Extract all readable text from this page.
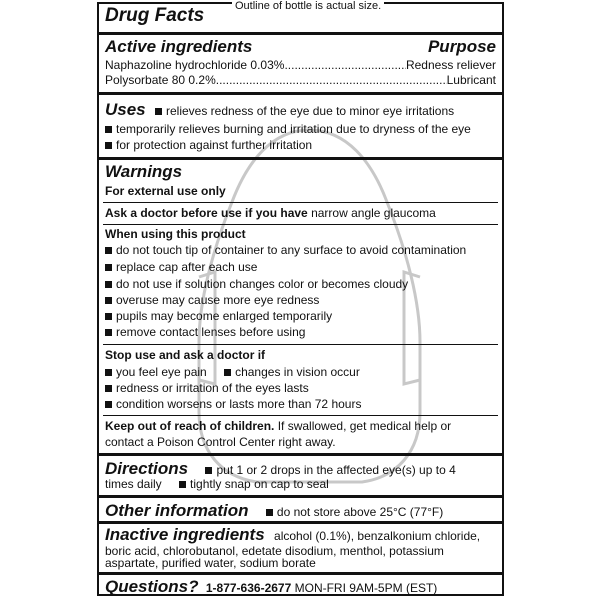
Drug Facts
Active ingredients	Purpose
Naphazoline hydrochloride 0.03% .....	Redness reliever
Polysorbate 80 0.2% .....	Lubricant
Uses relieves redness of the eye due to minor eye irritations
temporarily relieves burning and irritation due to dryness of the eye
for protection against further irritation
Warnings
For external use only
Ask a doctor before use if you have narrow angle glaucoma
When using this product
do not touch tip of container to any surface to avoid contamination
replace cap after each use
do not use if solution changes color or becomes cloudy
overuse may cause more eye redness
pupils may become enlarged temporarily
remove contact lenses before using
Stop use and ask a doctor if
you feel eye pain changes in vision occur
redness or irritation of the eyes lasts
condition worsens or lasts more than 72 hours
Keep out of reach of children. If swallowed, get medical help or
contact a Poison Control Center right away.
Directions put 1 or 2 drops in the affected eye(s) up to 4
times daily tightly snap on cap to seal
Other information do not store above 25°C (77°F)
Inactive ingredients alcohol (0.1%), benzalkonium chloride,
boric acid, chlorobutanol, edetate disodium, menthol, potassium
aspartate, purified water, sodium borate
Questions? 1-877-636-2677 MON-FRI 9AM-5PM (EST)
Outline of bottle is actual size.
